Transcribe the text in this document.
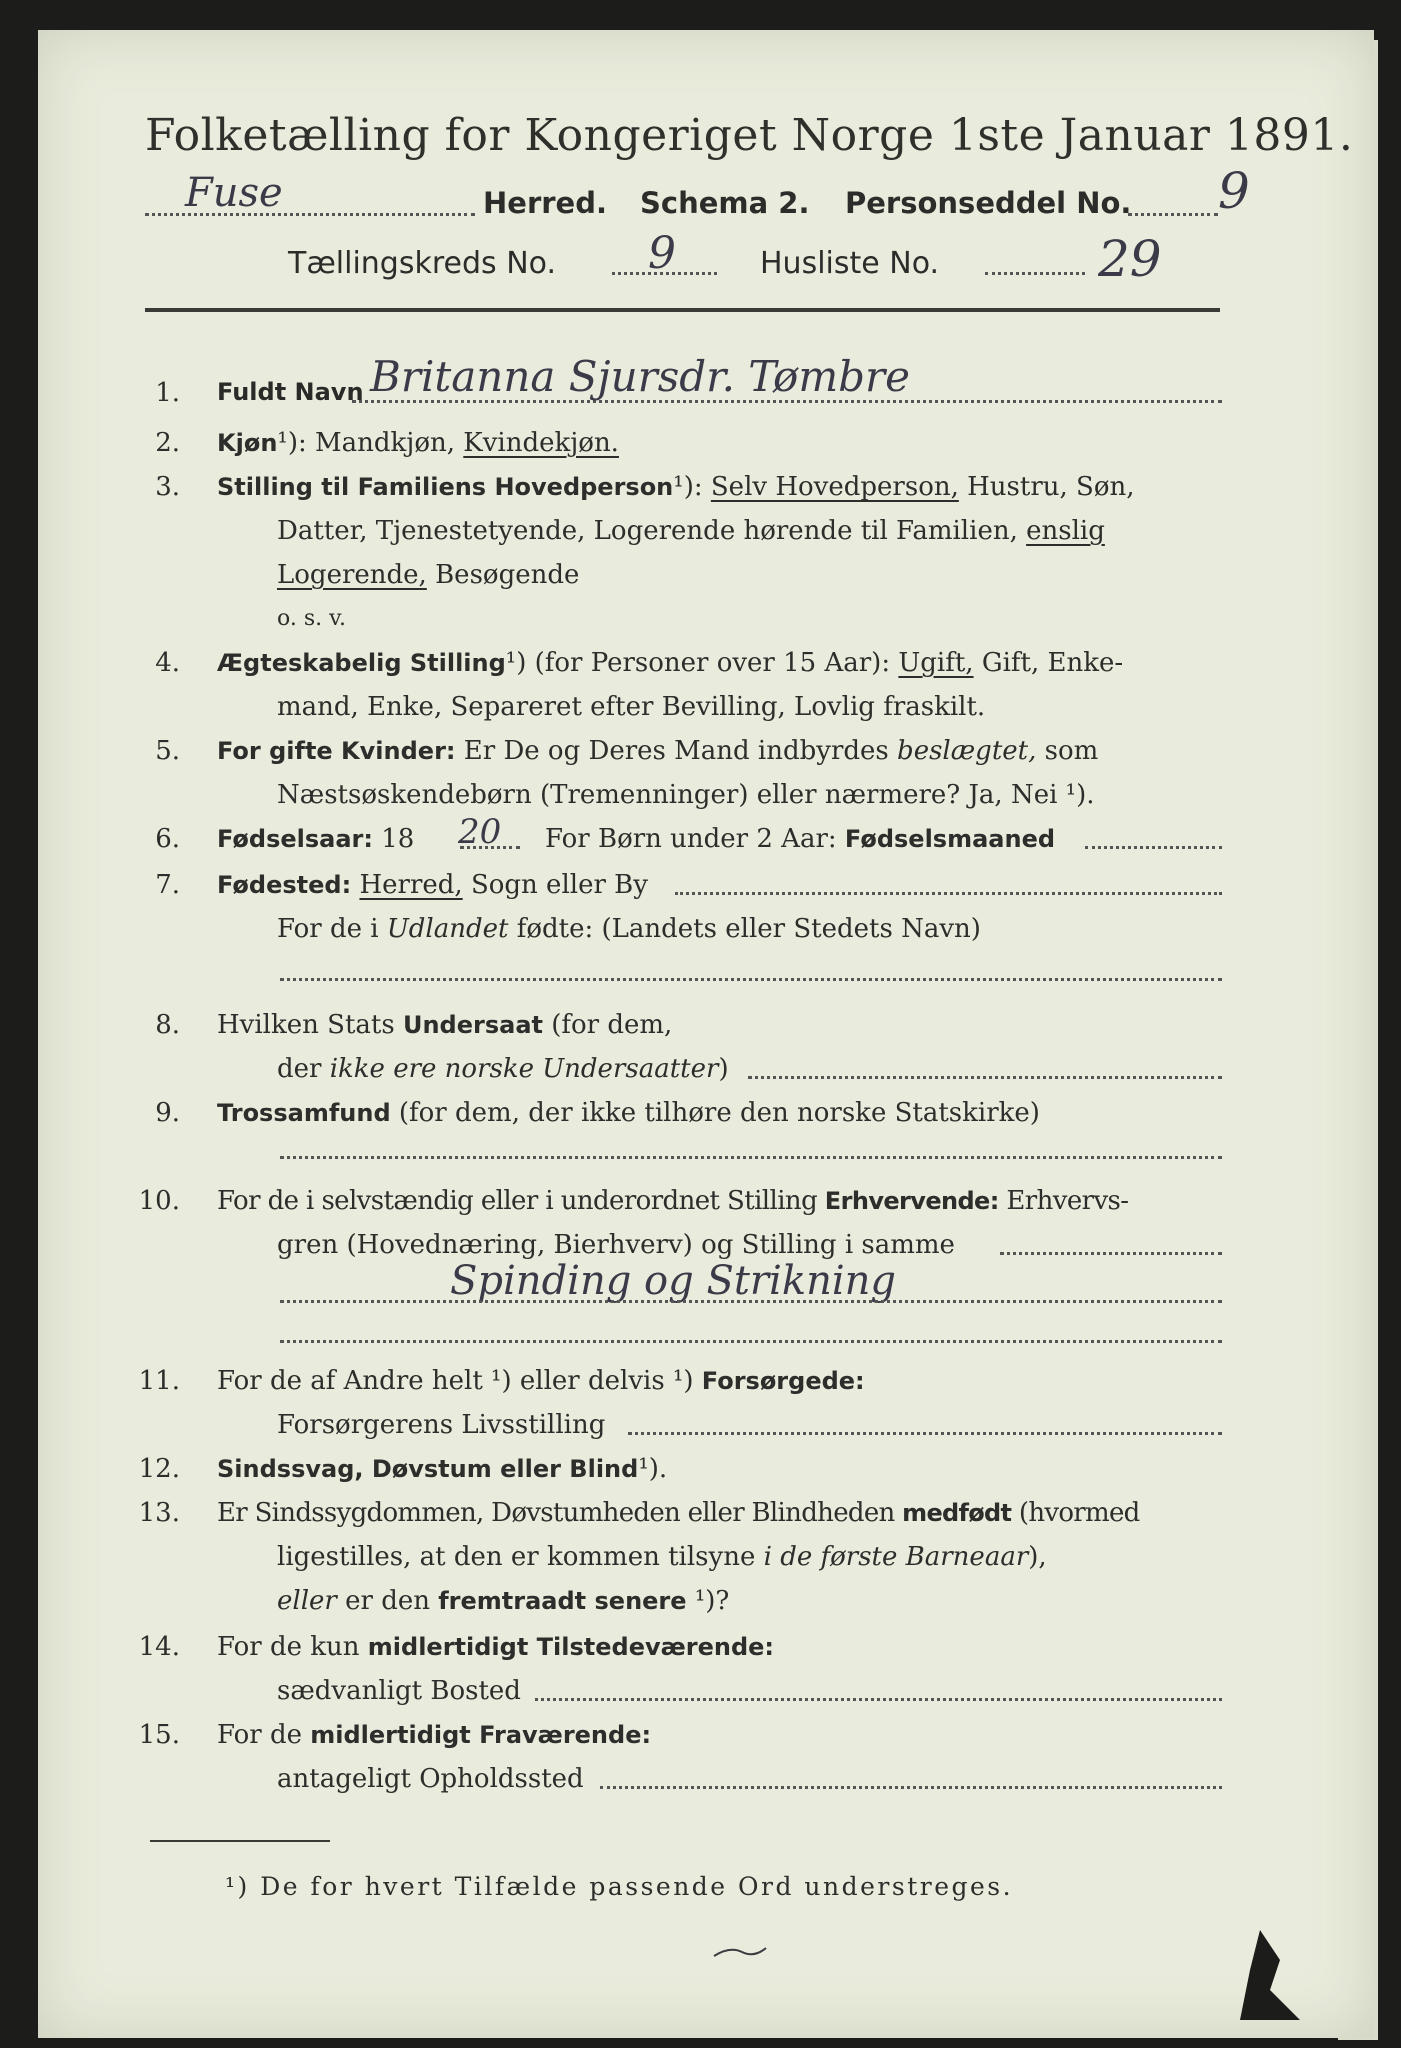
Folketælling for Kongeriget Norge 1ste Januar 1891.
Fuse	Herred. Schema 2. Personseddel No. 9
Tællingskreds No. 9	Husliste No.	29
1. Fuldt Navn Britanna Sjursdr. Tømbre
2. Kjøn¹): Mandkjøn, Kvindekjøn.
3. Stilling til Familiens Hovedperson¹): Selv Hovedperson, Hustru, Søn,
Datter, Tjenestetyende, Logerende hørende til Familien, enslig
Logerende, Besøgende
o. s. v.
4. Ægteskabelig Stilling¹) (for Personer over 15 Aar): Ugift, Gift, Enke-
mand, Enke, Separeret efter Bevilling, Lovlig fraskilt.
5. For gifte Kvinder: Er De og Deres Mand indbyrdes beslægtet, som
Næstsøskendebørn (Tremenninger) eller nærmere? Ja, Nei ¹).
6. Fødselsaar: 18 20 For Børn under 2 Aar: Fødselsmaaned
7. Fødested: Herred, Sogn eller By
For de i Udlandet fødte: (Landets eller Stedets Navn)
8. Hvilken Stats Undersaat (for dem,
der ikke ere norske Undersaatter)
9. Trossamfund (for dem, der ikke tilhøre den norske Statskirke)
10. For de i selvstændig eller i underordnet Stilling Erhvervende: Erhvervs-
gren (Hovednæring, Bierhverv) og Stilling i samme
Spinding og Strikning
11. For de af Andre helt ¹) eller delvis ¹) Forsørgede:
Forsørgerens Livsstilling
12. Sindssvag, Døvstum eller Blind¹).
13. Er Sindssygdommen, Døvstumheden eller Blindheden medfødt (hvormed
ligestilles, at den er kommen tilsyne i de første Barneaar),
eller er den fremtraadt senere ¹)?
14. For de kun midlertidigt Tilstedeværende:
sædvanligt Bosted
15. For de midlertidigt Fraværende:
antageligt Opholdssted
¹) De for hvert Tilfælde passende Ord understreges.
